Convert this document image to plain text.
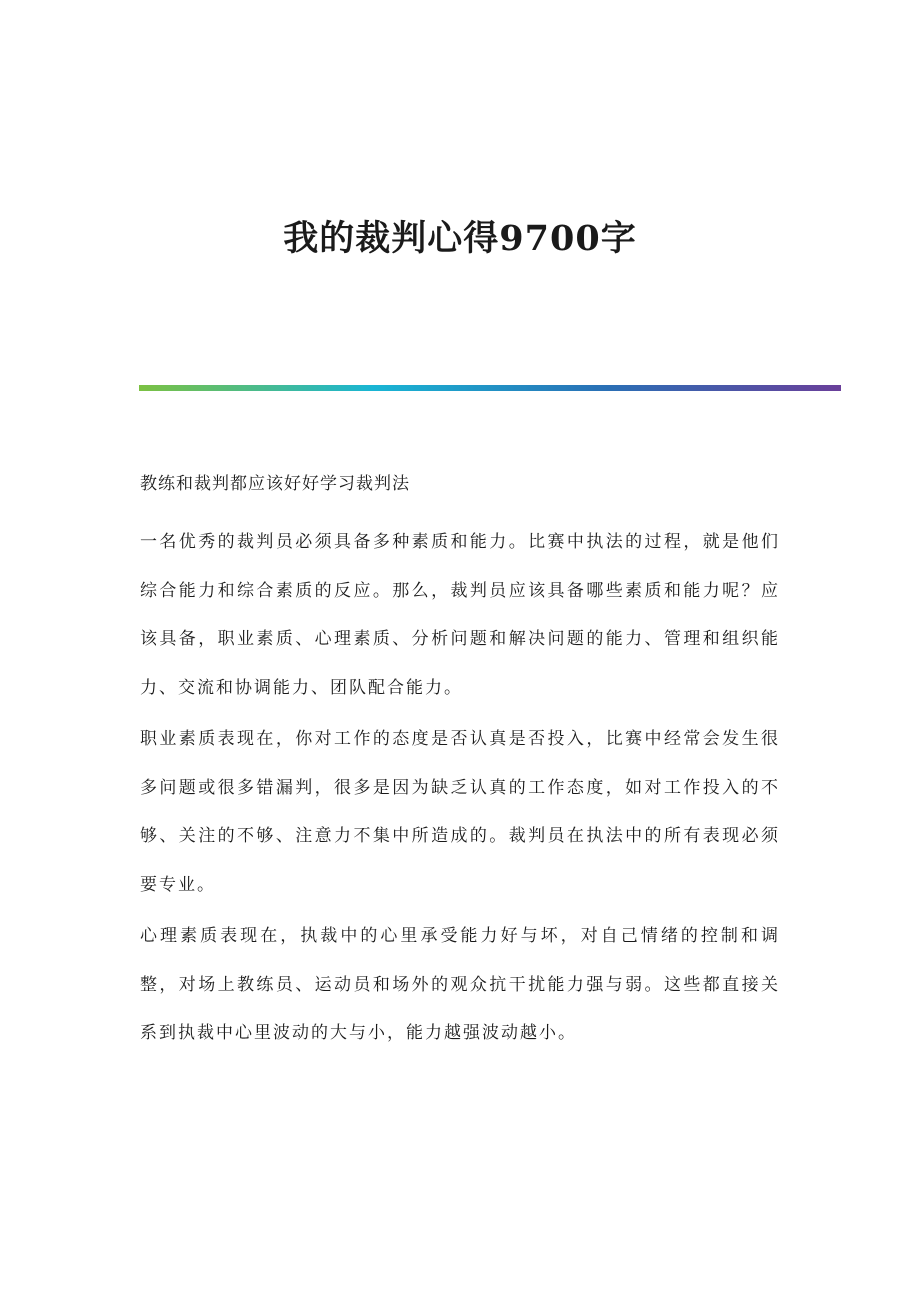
我的裁判心得9700字

教练和裁判都应该好好学习裁判法

一名优秀的裁判员必须具备多种素质和能力。比赛中执法的过程，就是他们综合能力和综合素质的反应。那么，裁判员应该具备哪些素质和能力呢？应该具备，职业素质、心理素质、分析问题和解决问题的能力、管理和组织能力、交流和协调能力、团队配合能力。

职业素质表现在，你对工作的态度是否认真是否投入，比赛中经常会发生很多问题或很多错漏判，很多是因为缺乏认真的工作态度，如对工作投入的不够、关注的不够、注意力不集中所造成的。裁判员在执法中的所有表现必须要专业。

心理素质表现在，执裁中的心里承受能力好与坏，对自己情绪的控制和调整，对场上教练员、运动员和场外的观众抗干扰能力强与弱。这些都直接关系到执裁中心里波动的大与小，能力越强波动越小。
